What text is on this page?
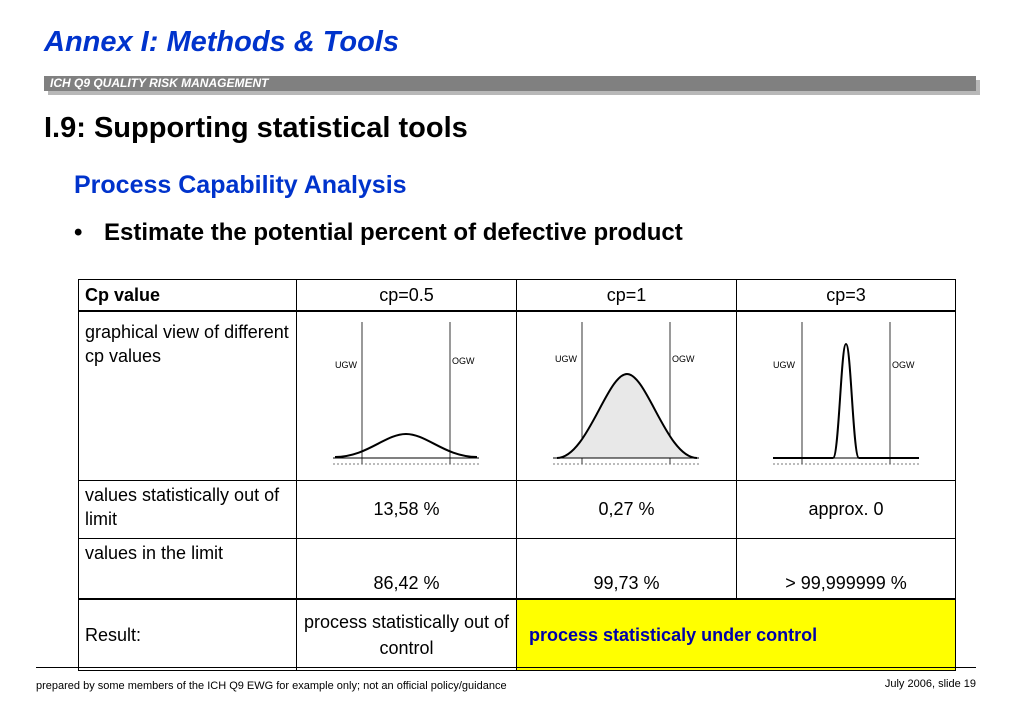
Annex I: Methods & Tools
ICH Q9 QUALITY RISK MANAGEMENT
I.9: Supporting statistical tools
Process Capability Analysis
• Estimate the potential percent of defective product
Cp value	cp=0.5	cp=1	cp=3
graphical view of different cp values	UGW OGW	UGW OGW	UGW OGW

values statistically out of limit	13,58 %	0,27 %	approx. 0
values in the limit	86,42 %	99,73 %	> 99,999999 %
Result:	process statistically out of control	process statisticaly under control	
prepared by some members of the ICH Q9 EWG for example only; not an official policy/guidance	July 2006, slide 19
